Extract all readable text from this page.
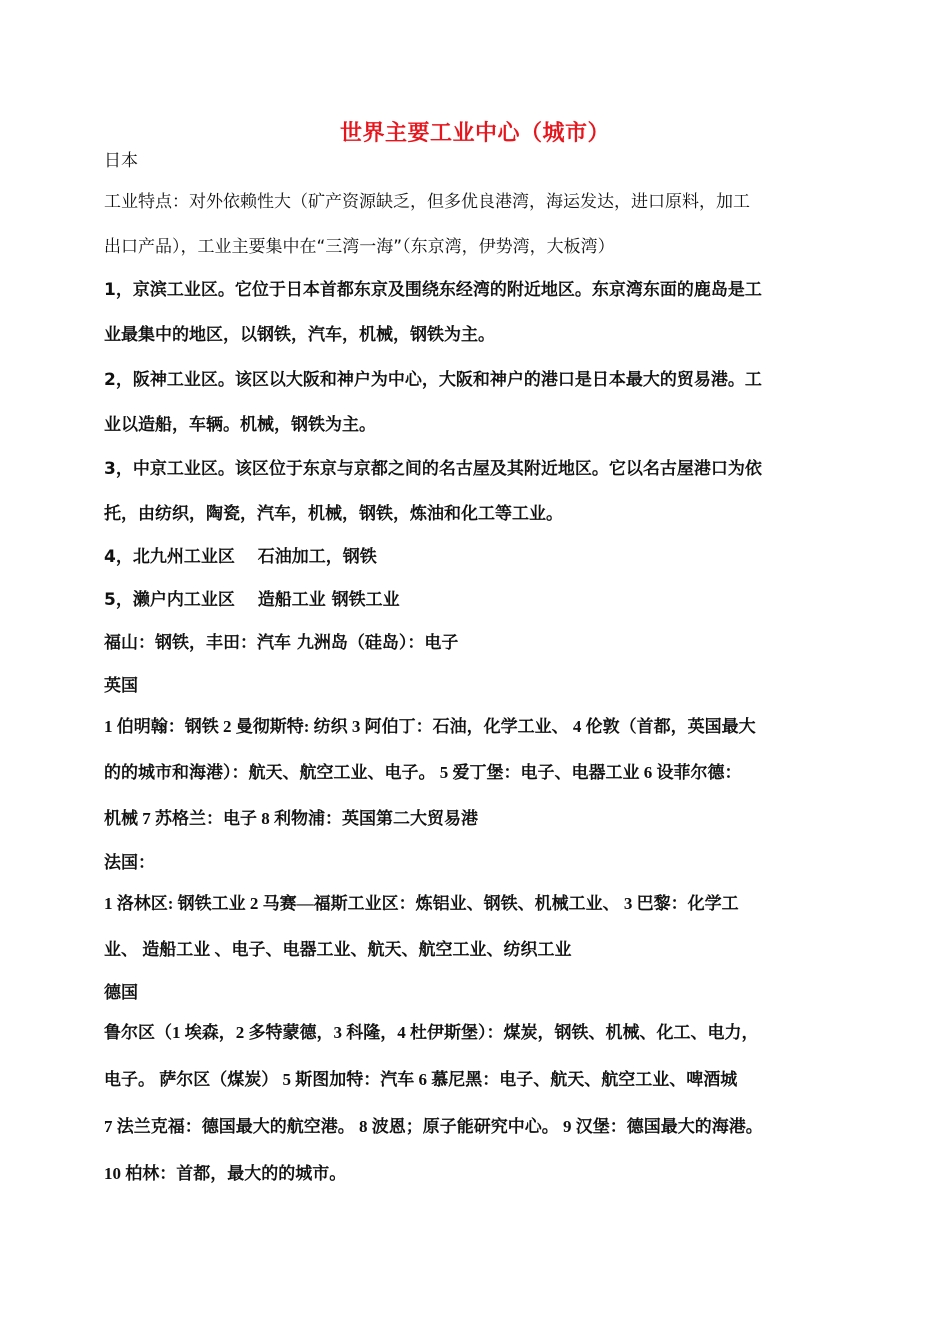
世界主要工业中心（城市）
日本
工业特点：对外依赖性大（矿产资源缺乏，但多优良港湾，海运发达，进口原料，加工
出口产品），工业主要集中在“三湾一海”（东京湾，伊势湾，大板湾）
1，京滨工业区。它位于日本首都东京及围绕东经湾的附近地区。东京湾东面的鹿岛是工
业最集中的地区，以钢铁，汽车，机械，钢铁为主。
2，阪神工业区。该区以大阪和神户为中心，大阪和神户的港口是日本最大的贸易港。工
业以造船，车辆。机械，钢铁为主。
3，中京工业区。该区位于东京与京都之间的名古屋及其附近地区。它以名古屋港口为依
托，由纺织，陶瓷，汽车，机械，钢铁，炼油和化工等工业。
4，北九州工业区　 石油加工，钢铁
5，濑户内工业区　 造船工业 钢铁工业
福山：钢铁，丰田：汽车 九洲岛（硅岛）：电子
英国
1 伯明翰：钢铁 2 曼彻斯特: 纺织 3 阿伯丁：石油，化学工业、 4 伦敦（首都，英国最大
的的城市和海港）：航天、航空工业、电子。 5 爱丁堡：电子、电器工业 6 设菲尔德：
机械 7 苏格兰：电子 8 利物浦：英国第二大贸易港
法国：
1 洛林区: 钢铁工业 2 马赛—福斯工业区：炼铝业、钢铁、机械工业、 3 巴黎：化学工
业、 造船工业 、电子、电器工业、航天、航空工业、纺织工业
德国
鲁尔区（1 埃森，2 多特蒙德，3 科隆，4 杜伊斯堡）：煤炭，钢铁、机械、化工、电力，
电子。 萨尔区（煤炭） 5 斯图加特：汽车 6 慕尼黑：电子、航天、航空工业、啤酒城
7 法兰克福：德国最大的航空港。 8 波恩；原子能研究中心。 9 汉堡：德国最大的海港。
10 柏林：首都，最大的的城市。
